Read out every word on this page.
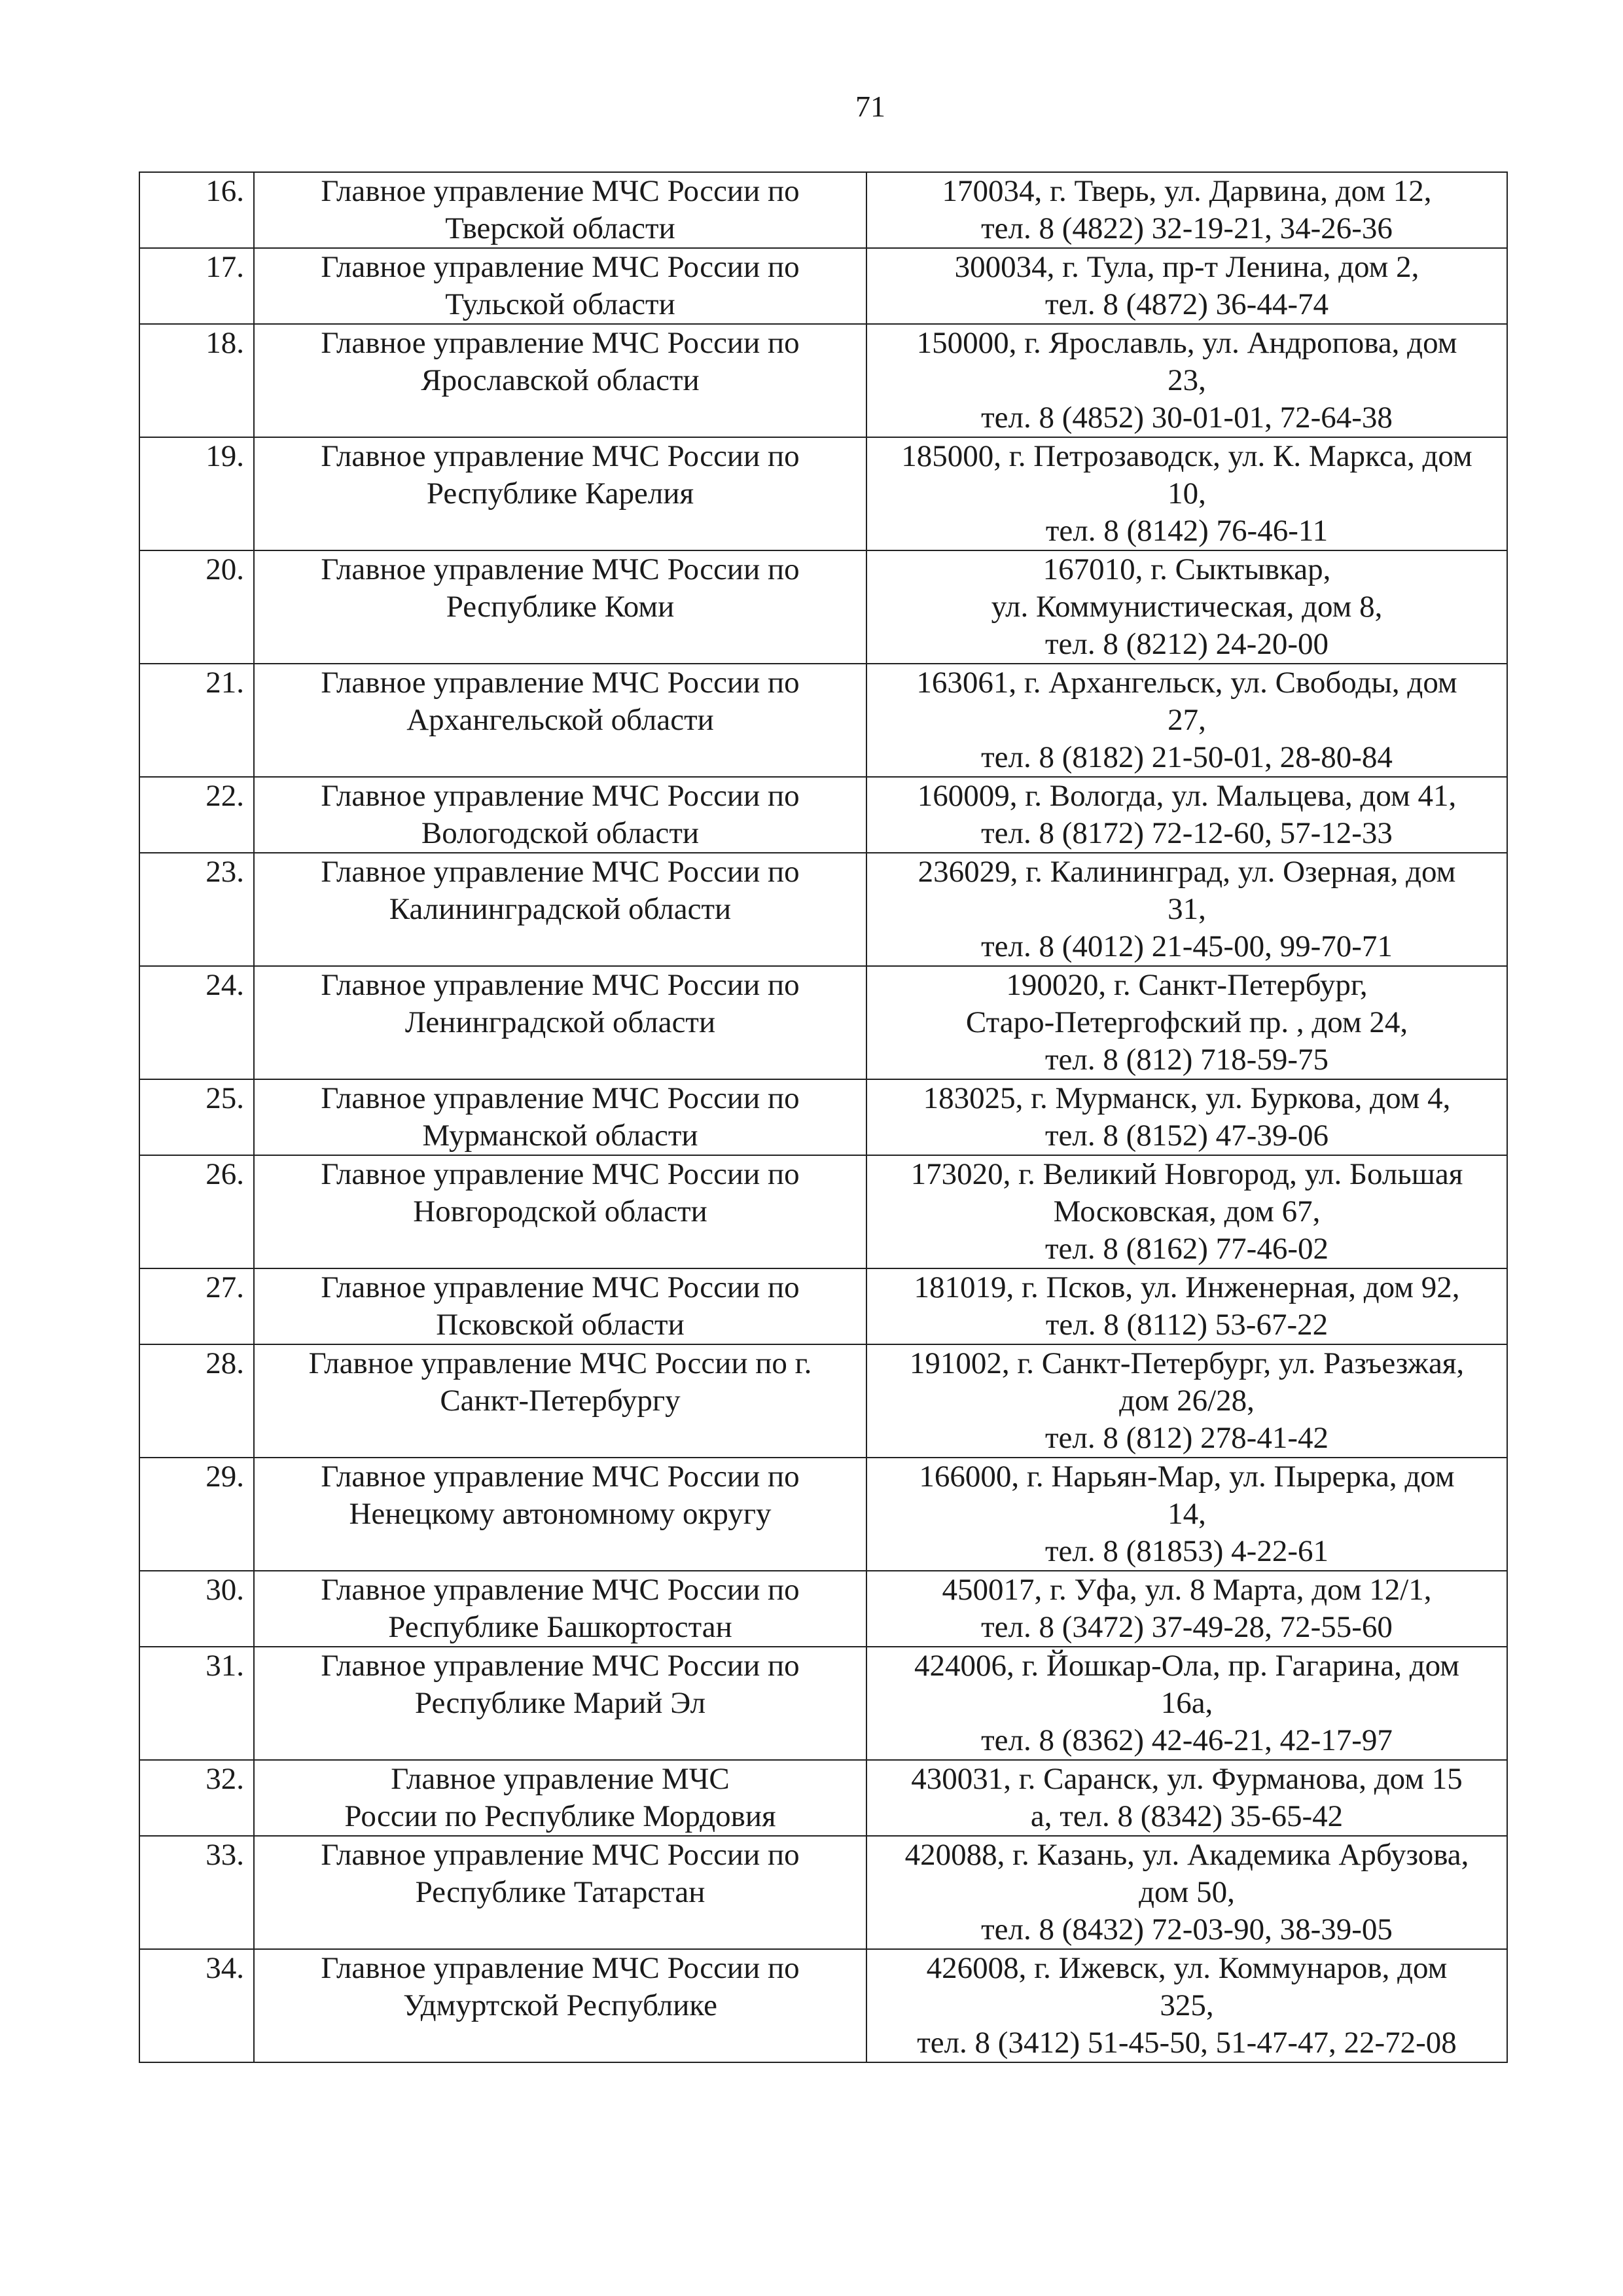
71
16.	Главное управление МЧС России по
Тверской области	170034, г. Тверь, ул. Дарвина, дом 12,
тел. 8 (4822) 32-19-21, 34-26-36

17.	Главное управление МЧС России по
Тульской области	300034, г. Тула, пр-т Ленина, дом 2,
тел. 8 (4872) 36-44-74

18.	Главное управление МЧС России по
Ярославской области	150000, г. Ярославль, ул. Андропова, дом
23,
тел. 8 (4852) 30-01-01, 72-64-38

19.	Главное управление МЧС России по
Республике Карелия	185000, г. Петрозаводск, ул. К. Маркса, дом
10,
тел. 8 (8142) 76-46-11

20.	Главное управление МЧС России по
Республике Коми	167010, г. Сыктывкар,
ул. Коммунистическая, дом 8,
тел. 8 (8212) 24-20-00

21.	Главное управление МЧС России по
Архангельской области	163061, г. Архангельск, ул. Свободы, дом
27,
тел. 8 (8182) 21-50-01, 28-80-84

22.	Главное управление МЧС России по
Вологодской области	160009, г. Вологда, ул. Мальцева, дом 41,
тел. 8 (8172) 72-12-60, 57-12-33

23.	Главное управление МЧС России по
Калининградской области	236029, г. Калининград, ул. Озерная, дом
31,
тел. 8 (4012) 21-45-00, 99-70-71

24.	Главное управление МЧС России по
Ленинградской области	190020, г. Санкт-Петербург,
Старо-Петергофский пр. , дом 24,
тел. 8 (812) 718-59-75

25.	Главное управление МЧС России по
Мурманской области	183025, г. Мурманск, ул. Буркова, дом 4,
тел. 8 (8152) 47-39-06

26.	Главное управление МЧС России по
Новгородской области	173020, г. Великий Новгород, ул. Большая
Московская, дом 67,
тел. 8 (8162) 77-46-02

27.	Главное управление МЧС России по
Псковской области	181019, г. Псков, ул. Инженерная, дом 92,
тел. 8 (8112) 53-67-22

28.	Главное управление МЧС России по г.
Санкт-Петербургу	191002, г. Санкт-Петербург, ул. Разъезжая,
дом 26/28,
тел. 8 (812) 278-41-42

29.	Главное управление МЧС России по
Ненецкому автономному округу	166000, г. Нарьян-Мар, ул. Пырерка, дом
14,
тел. 8 (81853) 4-22-61

30.	Главное управление МЧС России по
Республике Башкортостан	450017, г. Уфа, ул. 8 Марта, дом 12/1,
тел. 8 (3472) 37-49-28, 72-55-60

31.	Главное управление МЧС России по
Республике Марий Эл	424006, г. Йошкар-Ола, пр. Гагарина, дом
16а,
тел. 8 (8362) 42-46-21, 42-17-97

32.	Главное управление МЧС
России по Республике Мордовия	430031, г. Саранск, ул. Фурманова, дом 15
а, тел. 8 (8342) 35-65-42

33.	Главное управление МЧС России по
Республике Татарстан	420088, г. Казань, ул. Академика Арбузова,
дом 50,
тел. 8 (8432) 72-03-90, 38-39-05

34.	Главное управление МЧС России по
Удмуртской Республике	426008, г. Ижевск, ул. Коммунаров, дом
325,
тел. 8 (3412) 51-45-50, 51-47-47, 22-72-08
